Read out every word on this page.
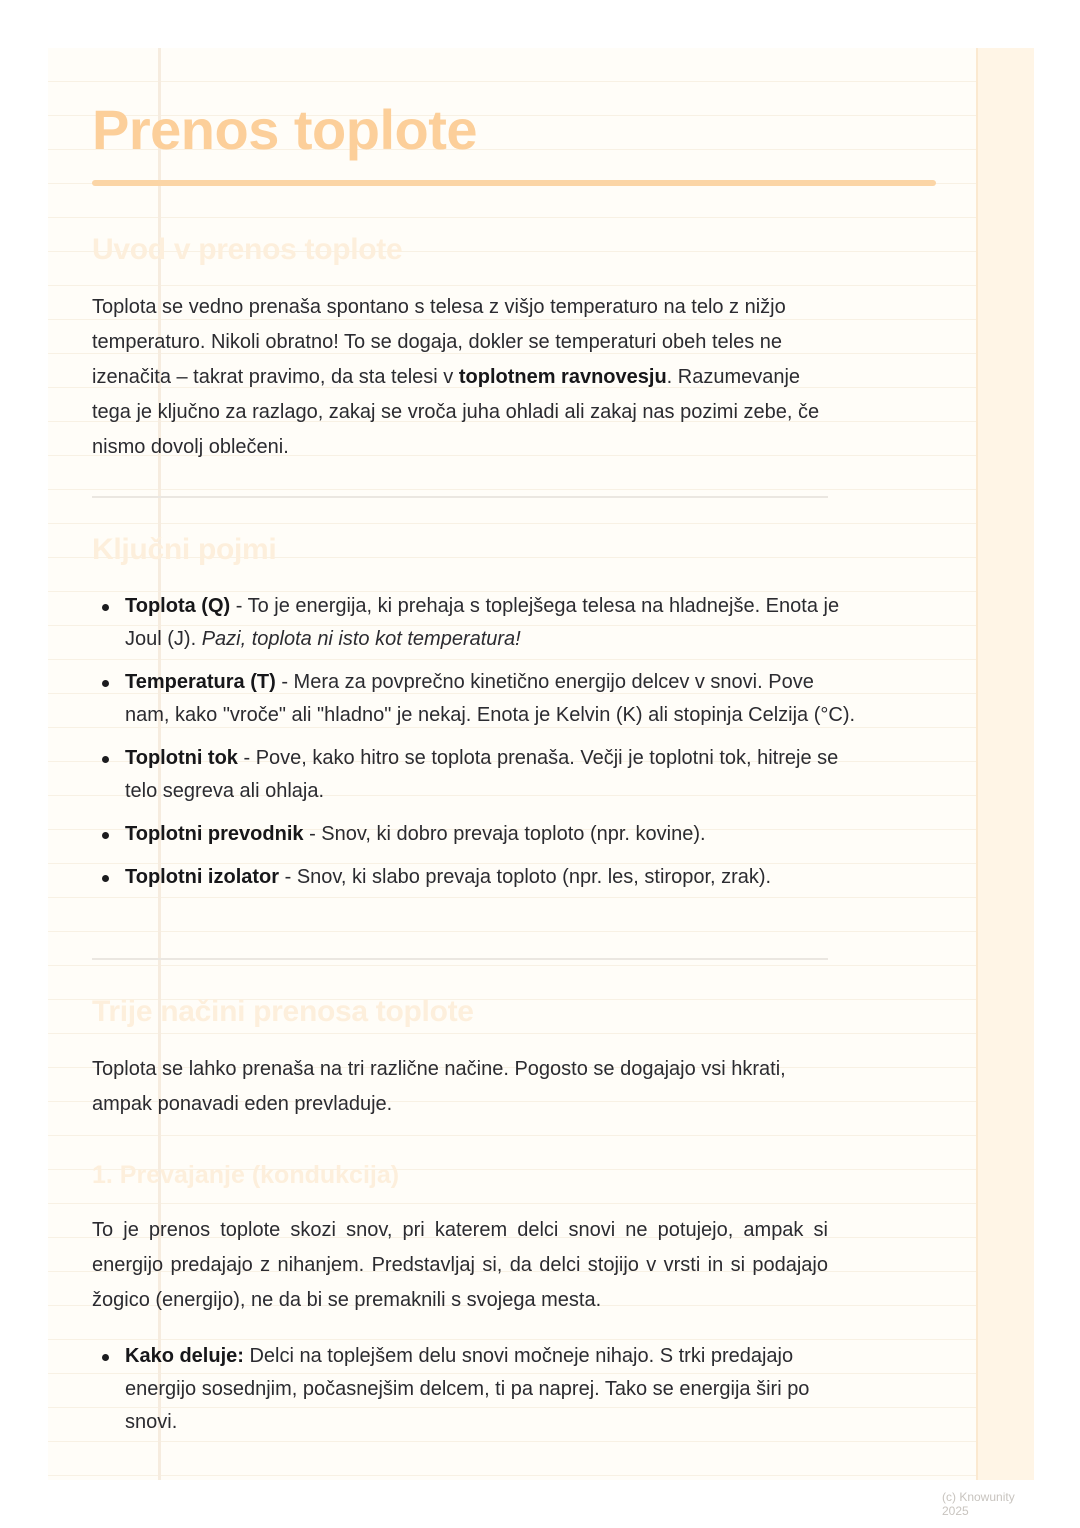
Prenos toplote
Uvod v prenos toplote

Toplota se vedno prenaša spontano s telesa z višjo temperaturo na telo z nižjo temperaturo. Nikoli obratno! To se dogaja, dokler se temperaturi obeh teles ne izenačita – takrat pravimo, da sta telesi v toplotnem ravnovesju. Razumevanje tega je ključno za razlago, zakaj se vroča juha ohladi ali zakaj nas pozimi zebe, če nismo dovolj oblečeni.

Ključni pojmi
Toplota (Q) - To je energija, ki prehaja s toplejšega telesa na hladnejše. Enota je Joul (J). Pazi, toplota ni isto kot temperatura!
Temperatura (T) - Mera za povprečno kinetično energijo delcev v snovi. Pove nam, kako "vroče" ali "hladno" je nekaj. Enota je Kelvin (K) ali stopinja Celzija (°C).
Toplotni tok - Pove, kako hitro se toplota prenaša. Večji je toplotni tok, hitreje se telo segreva ali ohlaja.
Toplotni prevodnik - Snov, ki dobro prevaja toploto (npr. kovine).
Toplotni izolator - Snov, ki slabo prevaja toploto (npr. les, stiropor, zrak).
Trije načini prenosa toplote

Toplota se lahko prenaša na tri različne načine. Pogosto se dogajajo vsi hkrati, ampak ponavadi eden prevladuje.

1. Prevajanje (kondukcija)

To je prenos toplote skozi snov, pri katerem delci snovi ne potujejo, ampak si energijo predajajo z nihanjem. Predstavljaj si, da delci stojijo v vrsti in si podajajo žogico (energijo), ne da bi se premaknili s svojega mesta.

Kako deluje: Delci na toplejšem delu snovi močneje nihajo. S trki predajajo energijo sosednjim, počasnejšim delcem, ti pa naprej. Tako se energija širi po snovi.
(c) Knowunity 2025
